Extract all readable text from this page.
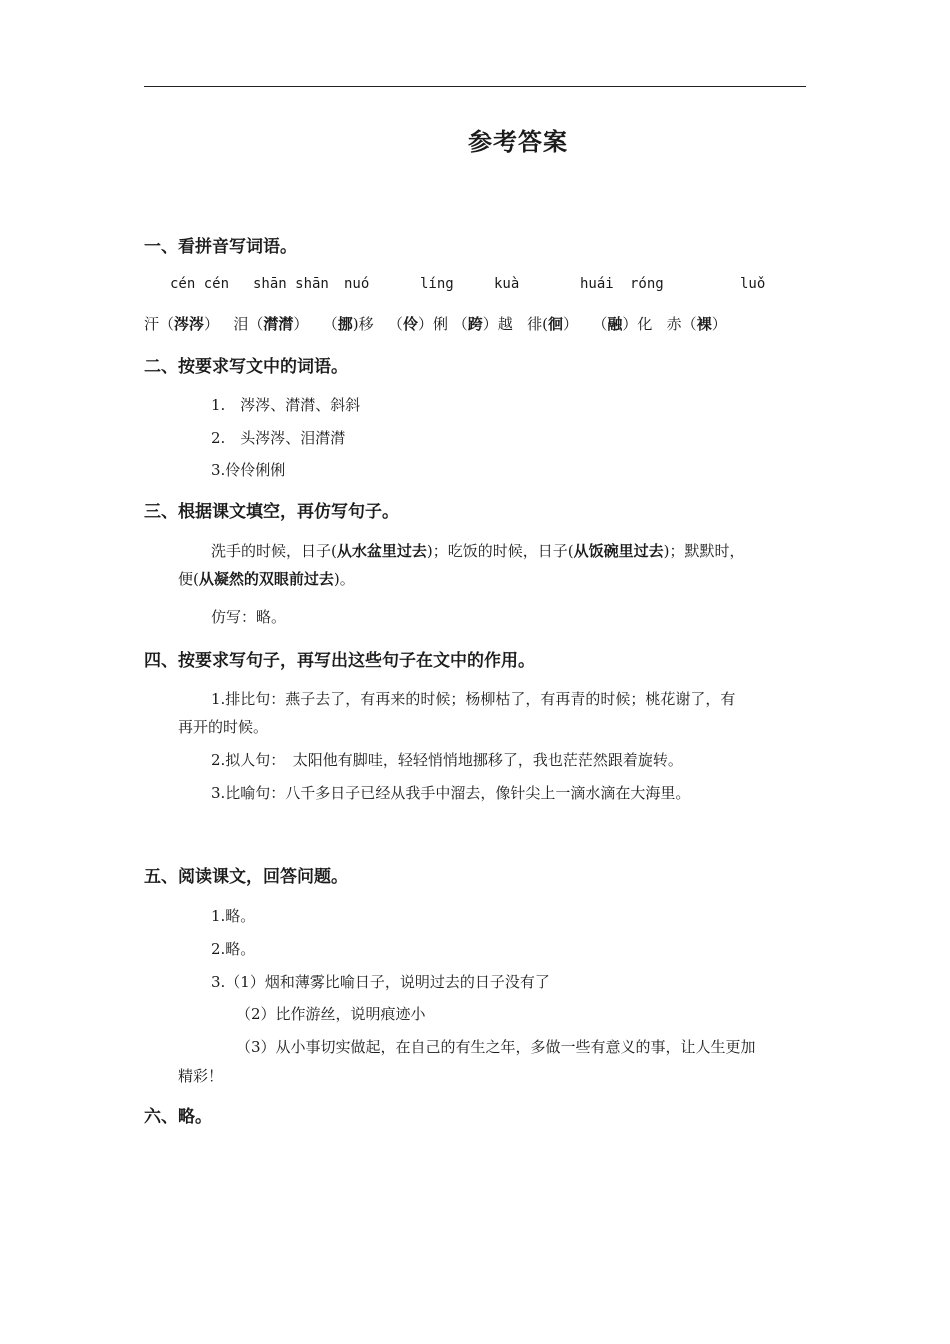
参考答案
一、看拼音写词语。
cén cén shān shān nuó	líng	kuà	huái róng	luǒ
汗（涔涔） 泪（潸潸） （挪)移 （伶）俐 （跨）越 徘(徊） （融）化 赤（裸）
二、按要求写文中的词语。
1.　涔涔、潸潸、斜斜
2.　头涔涔、泪潸潸
3.伶伶俐俐
三、根据课文填空，再仿写句子。
洗手的时候，日子(从水盆里过去)；吃饭的时候，日子(从饭碗里过去)；默默时，
便(从凝然的双眼前过去)。
仿写：略。
四、按要求写句子，再写出这些句子在文中的作用。
1.排比句：燕子去了，有再来的时候；杨柳枯了，有再青的时候；桃花谢了，有
再开的时候。
2.拟人句：　太阳他有脚哇，轻轻悄悄地挪移了，我也茫茫然跟着旋转。
3.比喻句：八千多日子已经从我手中溜去，像针尖上一滴水滴在大海里。
五、阅读课文，回答问题。
1.略。
2.略。
3.（1）烟和薄雾比喻日子，说明过去的日子没有了
（2）比作游丝，说明痕迹小
（3）从小事切实做起，在自己的有生之年，多做一些有意义的事，让人生更加
精彩！
六、略。
